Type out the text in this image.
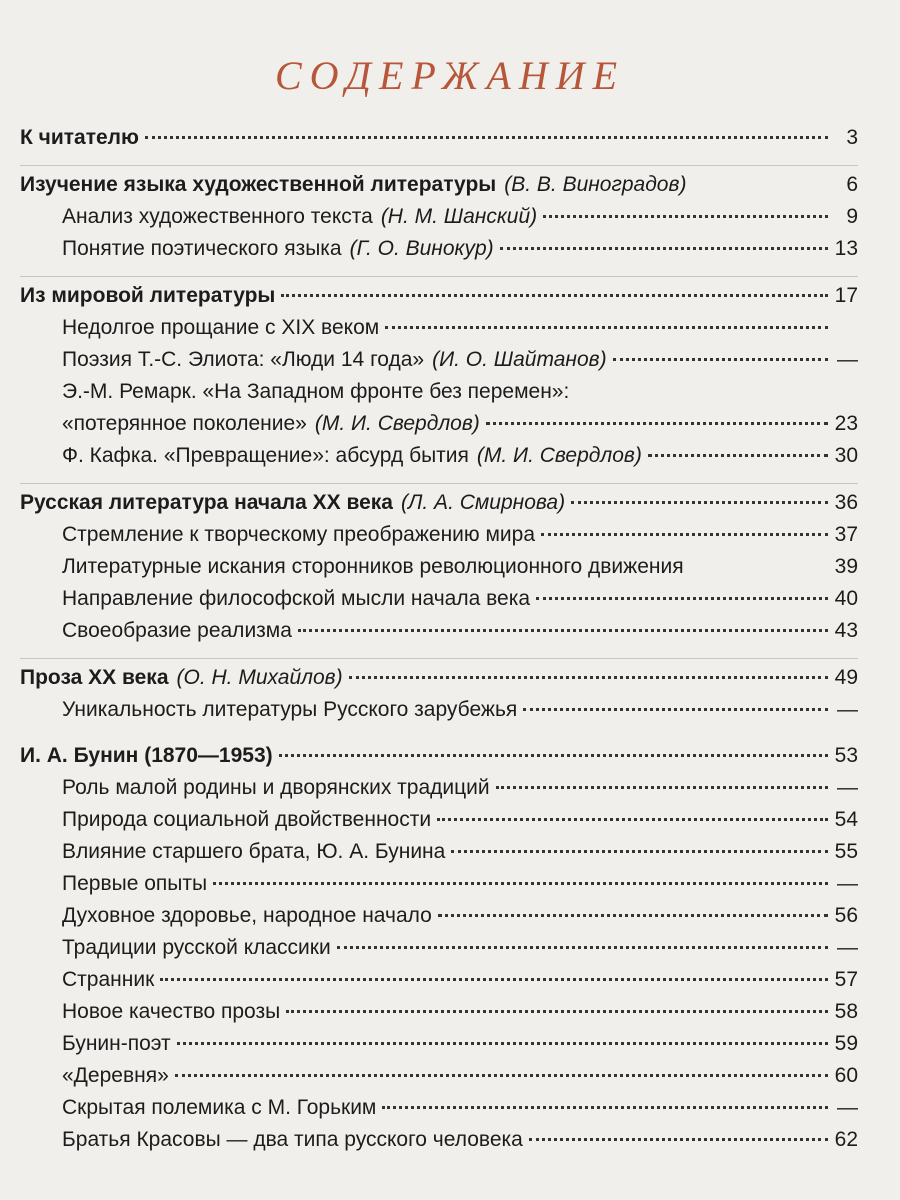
СОДЕРЖАНИЕ
К читателю	3
Изучение языка художественной литературы (В. В. Виноградов)	6
Анализ художественного текста (Н. М. Шанский)	9
Понятие поэтического языка (Г. О. Винокур)	13
Из мировой литературы	17
Недолгое прощание с XIX веком
Поэзия Т.-С. Элиота: «Люди 14 года» (И. О. Шайтанов)	—
Э.-М. Ремарк. «На Западном фронте без перемен»:
«потерянное поколение» (М. И. Свердлов)	23
Ф. Кафка. «Превращение»: абсурд бытия (М. И. Свердлов)	30
Русская литература начала XX века (Л. А. Смирнова)	36
Стремление к творческому преображению мира	37
Литературные искания сторонников революционного движения	39
Направление философской мысли начала века	40
Своеобразие реализма	43
Проза XX века (О. Н. Михайлов)	49
Уникальность литературы Русского зарубежья	—
И. А. Бунин (1870—1953)	53
Роль малой родины и дворянских традиций	—
Природа социальной двойственности	54
Влияние старшего брата, Ю. А. Бунина	55
Первые опыты	—
Духовное здоровье, народное начало	56
Традиции русской классики	—
Странник	57
Новое качество прозы	58
Бунин-поэт	59
«Деревня»	60
Скрытая полемика с М. Горьким	—
Братья Красовы — два типа русского человека	62
